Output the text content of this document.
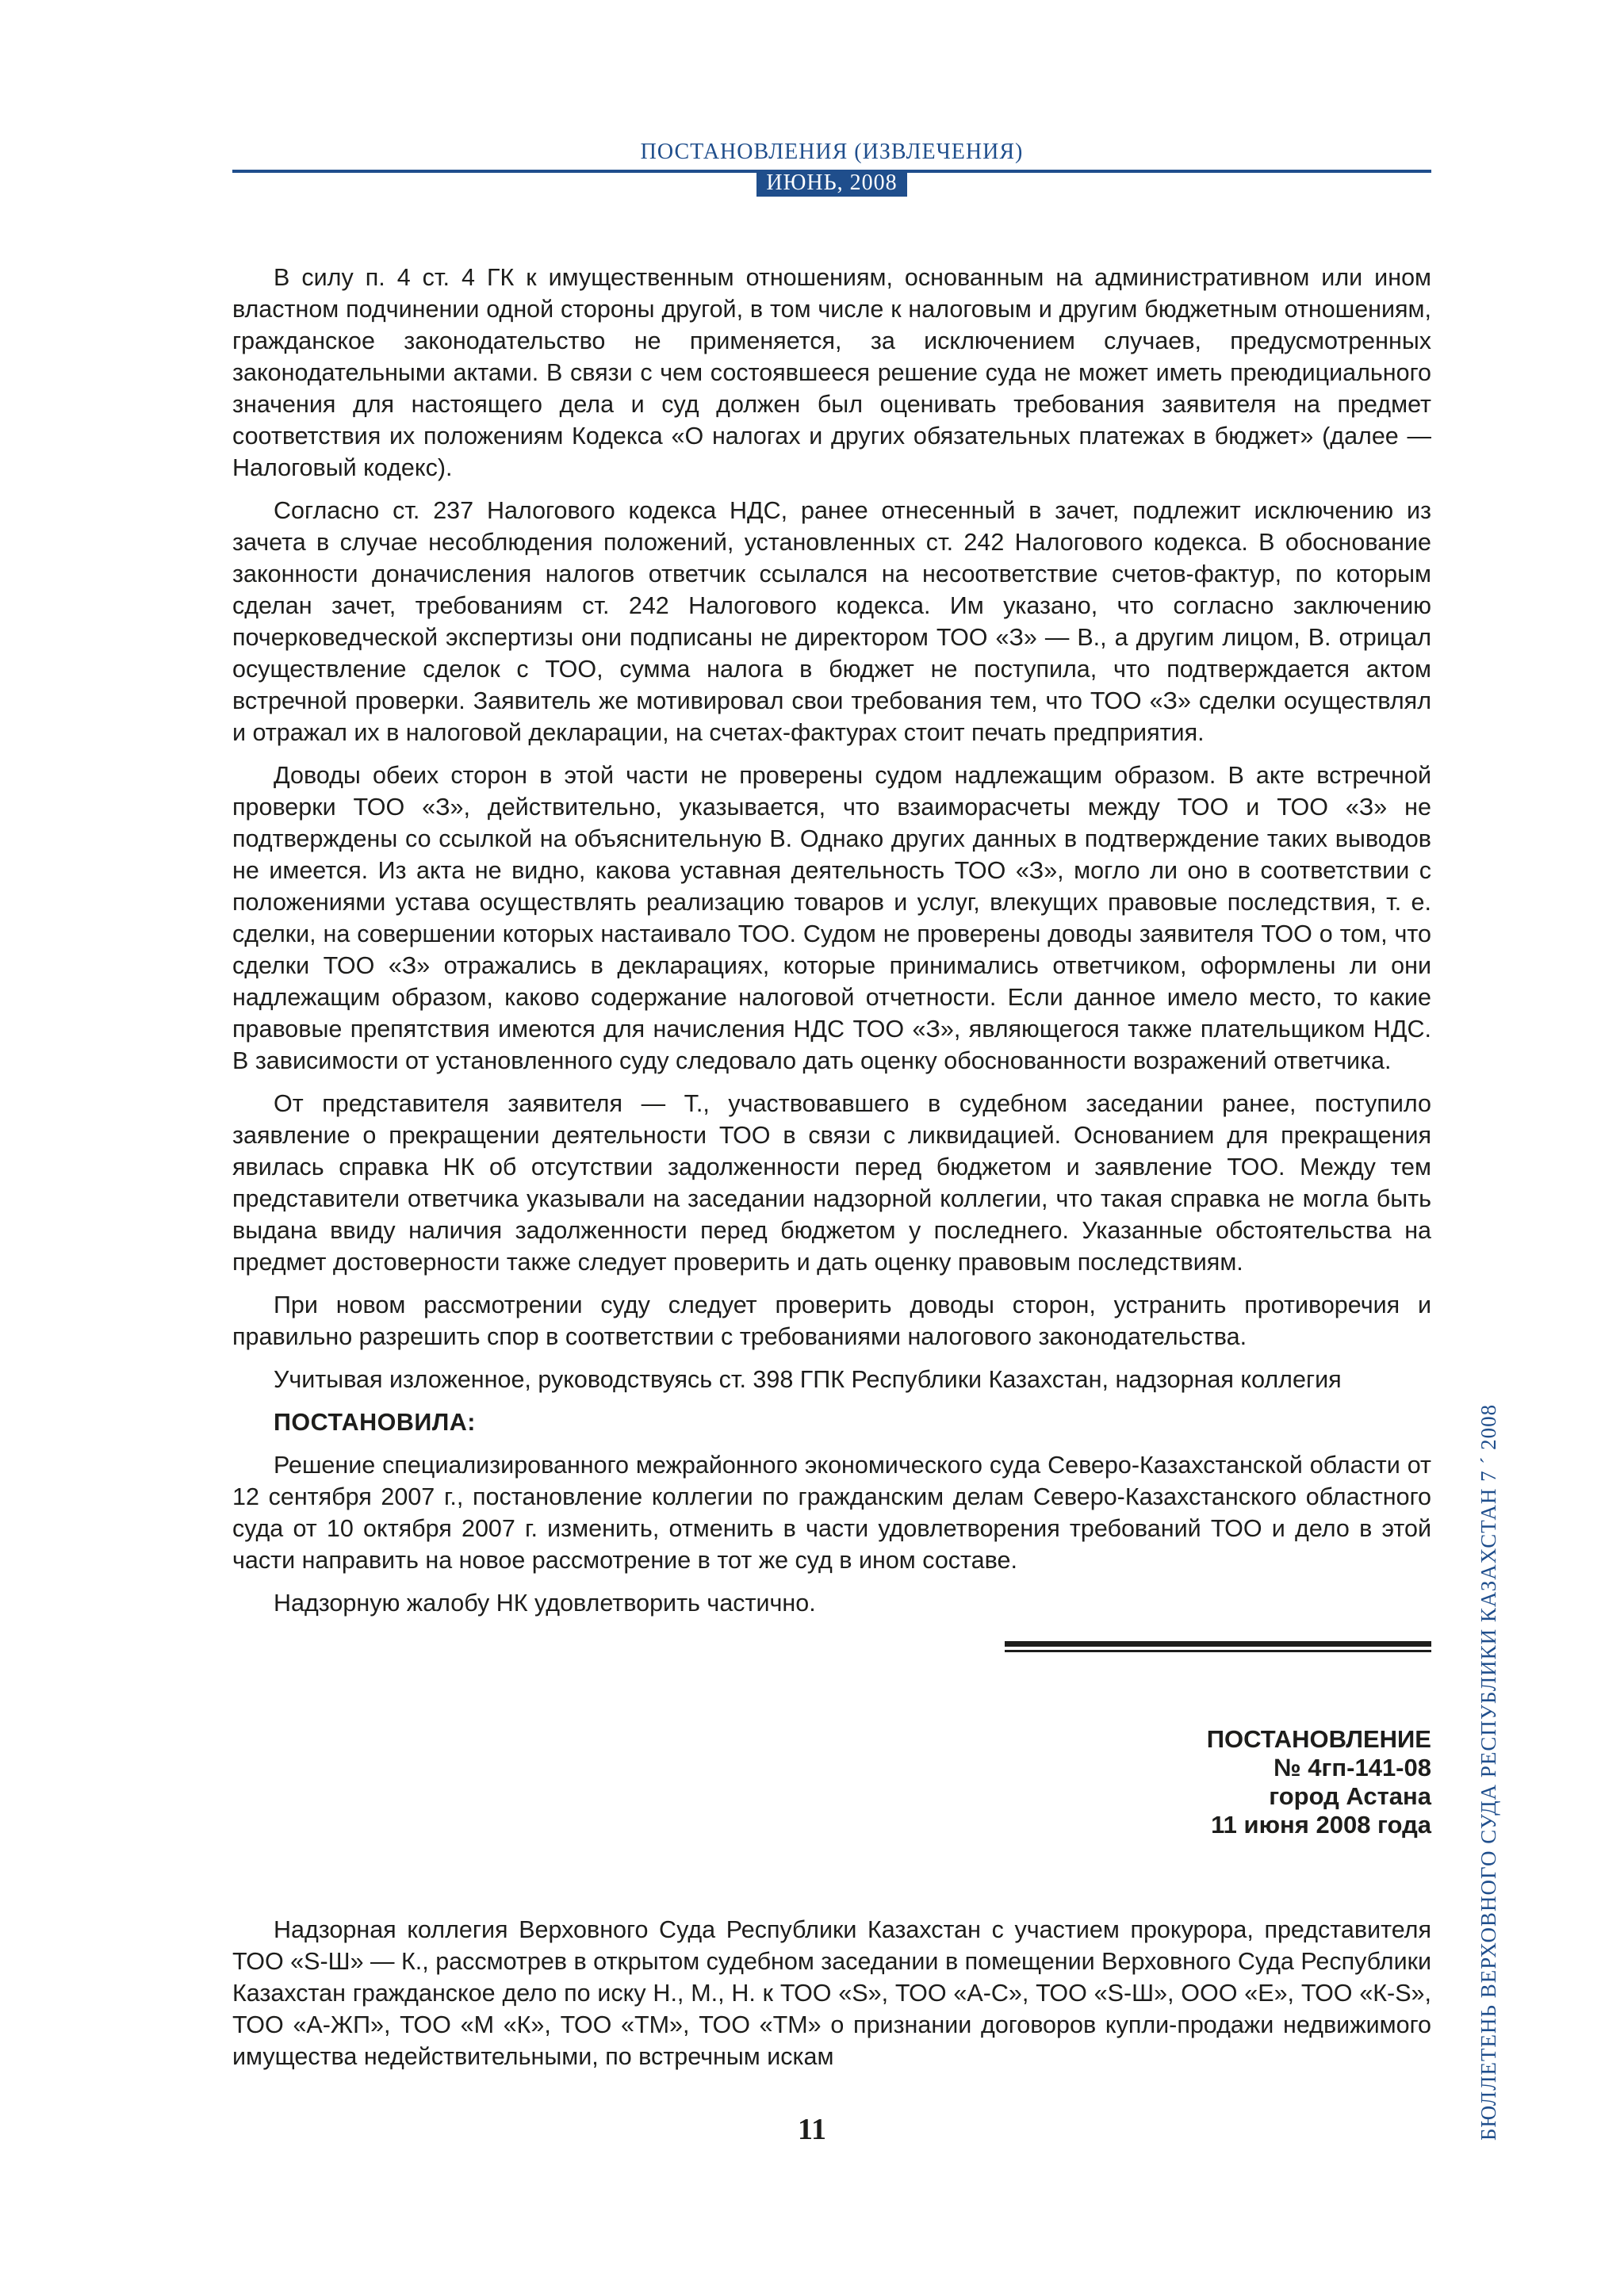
ПОСТАНОВЛЕНИЯ (ИЗВЛЕЧЕНИЯ)
ИЮНЬ, 2008

В силу п. 4 ст. 4 ГК к имущественным отношениям, основанным на административном или ином властном подчинении одной стороны другой, в том числе к налоговым и другим бюджетным отношениям, гражданское законодательство не применяется, за исключением случаев, предусмотренных законодательными актами. В связи с чем состоявшееся решение суда не может иметь преюдициального значения для настоящего дела и суд должен был оценивать требования заявителя на предмет соответствия их положениям Кодекса «О налогах и других обязательных платежах в бюджет» (далее — Налоговый кодекс).

Согласно ст. 237 Налогового кодекса НДС, ранее отнесенный в зачет, подлежит исключению из зачета в случае несоблюдения положений, установленных ст. 242 Налогового кодекса. В обоснование законности доначисления налогов ответчик ссылался на несоответствие счетов-фактур, по которым сделан зачет, требованиям ст. 242 Налогового кодекса. Им указано, что согласно заключению почерковедческой экспертизы они подписаны не директором ТОО «З» — В., а другим лицом, В. отрицал осуществление сделок с ТОО, сумма налога в бюджет не поступила, что подтверждается актом встречной проверки. Заявитель же мотивировал свои требования тем, что ТОО «З» сделки осуществлял и отражал их в налоговой декларации, на счетах-фактурах стоит печать предприятия.

Доводы обеих сторон в этой части не проверены судом надлежащим образом. В акте встречной проверки ТОО «З», действительно, указывается, что взаиморасчеты между ТОО и ТОО «З» не подтверждены со ссылкой на объяснительную В. Однако других данных в подтверждение таких выводов не имеется. Из акта не видно, какова уставная деятельность ТОО «З», могло ли оно в соответствии с положениями устава осуществлять реализацию товаров и услуг, влекущих правовые последствия, т. е. сделки, на совершении которых настаивало ТОО. Судом не проверены доводы заявителя ТОО о том, что сделки ТОО «З» отражались в декларациях, которые принимались ответчиком, оформлены ли они надлежащим образом, каково содержание налоговой отчетности. Если данное имело место, то какие правовые препятствия имеются для начисления НДС ТОО «З», являющегося также плательщиком НДС. В зависимости от установленного суду следовало дать оценку обоснованности возражений ответчика.

От представителя заявителя — Т., участвовавшего в судебном заседании ранее, поступило заявление о прекращении деятельности ТОО в связи с ликвидацией. Основанием для прекращения явилась справка НК об отсутствии задолженности перед бюджетом и заявление ТОО. Между тем представители ответчика указывали на заседании надзорной коллегии, что такая справка не могла быть выдана ввиду наличия задолженности перед бюджетом у последнего. Указанные обстоятельства на предмет достоверности также следует проверить и дать оценку правовым последствиям.

При новом рассмотрении суду следует проверить доводы сторон, устранить противоречия и правильно разрешить спор в соответствии с требованиями налогового законодательства.

Учитывая изложенное, руководствуясь ст. 398 ГПК Республики Казахстан, надзорная коллегия

ПОСТАНОВИЛА:

Решение специализированного межрайонного экономического суда Северо-Казахстанской области от 12 сентября 2007 г., постановление коллегии по гражданским делам Северо-Казахстанского областного суда от 10 октября 2007 г. изменить, отменить в части удовлетворения требований ТОО и дело в этой части направить на новое рассмотрение в тот же суд в ином составе.

Надзорную жалобу НК удовлетворить частично.

ПОСТАНОВЛЕНИЕ
№ 4гп-141-08
город Астана
11 июня 2008 года

Надзорная коллегия Верховного Суда Республики Казахстан с участием прокурора, представителя ТОО «S-Ш» — К., рассмотрев в открытом судебном заседании в помещении Верховного Суда Республики Казахстан гражданское дело по иску Н., М., Н. к ТОО «S», ТОО «А-С», ТОО «S-Ш», ООО «Е», ТОО «К-S», ТОО «А-ЖП», ТОО «М «К», ТОО «ТМ», ТОО «ТМ» о признании договоров купли-продажи недвижимого имущества недействительными, по встречным искам

11	БЮЛЛЕТЕНЬ ВЕРХОВНОГО СУДА РЕСПУБЛИКИ КАЗАХСТАН 7 ´ 2008
